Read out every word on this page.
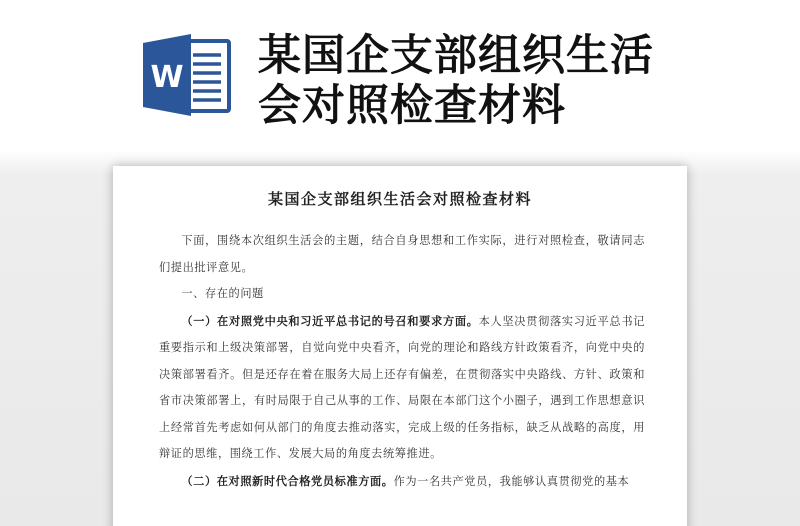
W 某国企支部组织生活
会对照检查材料
某国企支部组织生活会对照检查材料

下面，围绕本次组织生活会的主题，结合自身思想和工作实际，进行对照检查，敬请同志们提出批评意见。

一、存在的问题

（一）在对照党中央和习近平总书记的号召和要求方面。本人坚决贯彻落实习近平总书记重要指示和上级决策部署，自觉向党中央看齐，向党的理论和路线方针政策看齐，向党中央的决策部署看齐。但是还存在着在服务大局上还存有偏差，在贯彻落实中央路线、方针、政策和省市决策部署上，有时局限于自己从事的工作、局限在本部门这个小圈子，遇到工作思想意识上经常首先考虑如何从部门的角度去推动落实，完成上级的任务指标，缺乏从战略的高度，用辩证的思维，围绕工作、发展大局的角度去统筹推进。

（二）在对照新时代合格党员标准方面。作为一名共产党员，我能够认真贯彻党的基本
